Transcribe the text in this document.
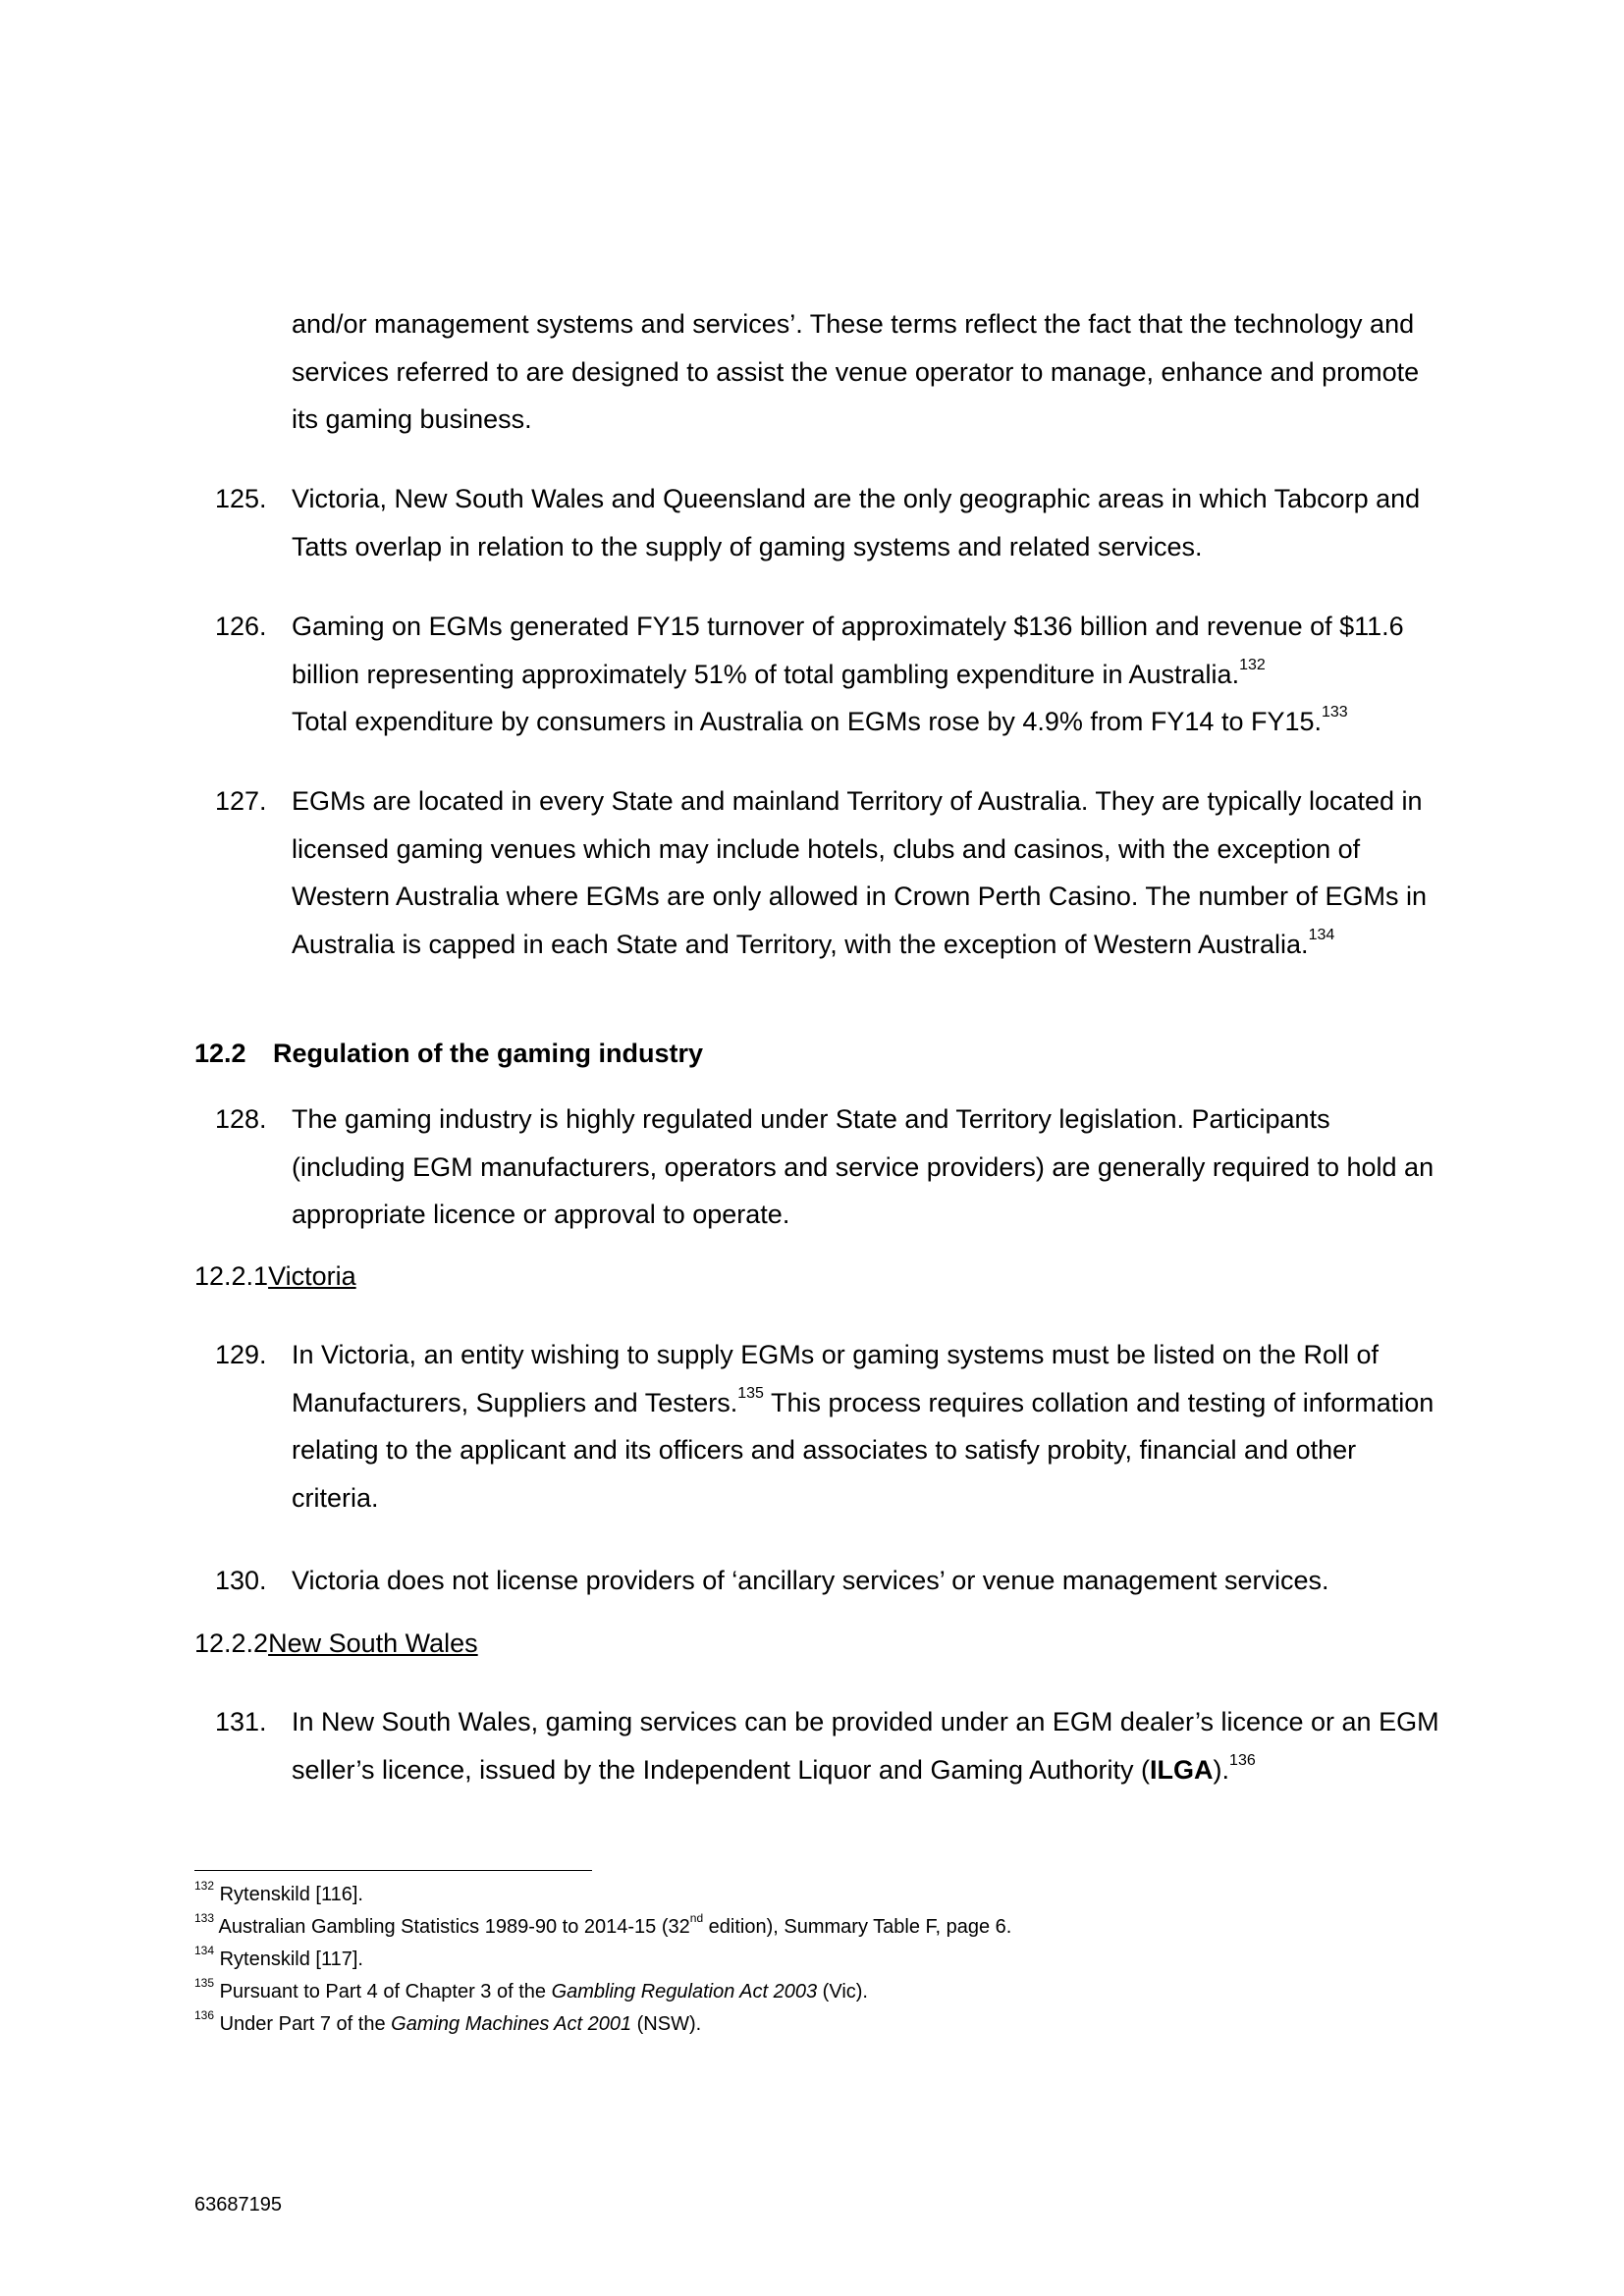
and/or management systems and services’. These terms reflect the fact that the technology and services referred to are designed to assist the venue operator to manage, enhance and promote its gaming business.
125. Victoria, New South Wales and Queensland are the only geographic areas in which Tabcorp and Tatts overlap in relation to the supply of gaming systems and related services.
126. Gaming on EGMs generated FY15 turnover of approximately $136 billion and revenue of $11.6 billion representing approximately 51% of total gambling expenditure in Australia.$^{132}$
Total expenditure by consumers in Australia on EGMs rose by 4.9% from FY14 to FY15.$^{133}$
127. EGMs are located in every State and mainland Territory of Australia. They are typically located in licensed gaming venues which may include hotels, clubs and casinos, with the exception of Western Australia where EGMs are only allowed in Crown Perth Casino. The number of EGMs in Australia is capped in each State and Territory, with the exception of Western Australia.$^{134}$
12.2 Regulation of the gaming industry
128. The gaming industry is highly regulated under State and Territory legislation. Participants (including EGM manufacturers, operators and service providers) are generally required to hold an appropriate licence or approval to operate.
12.2.1Victoria
129. In Victoria, an entity wishing to supply EGMs or gaming systems must be listed on the Roll of Manufacturers, Suppliers and Testers.$^{135}$ This process requires collation and testing of information relating to the applicant and its officers and associates to satisfy probity, financial and other criteria.
130. Victoria does not license providers of ‘ancillary services’ or venue management services.
12.2.2New South Wales
131. In New South Wales, gaming services can be provided under an EGM dealer’s licence or an EGM seller’s licence, issued by the Independent Liquor and Gaming Authority (ILGA).$^{136}$
$^{132}$ Rytenskild [116].
$^{133}$ Australian Gambling Statistics 1989-90 to 2014-15 (32nd edition), Summary Table F, page 6.
$^{134}$ Rytenskild [117].
$^{135}$ Pursuant to Part 4 of Chapter 3 of the Gambling Regulation Act 2003 (Vic).
$^{136}$ Under Part 7 of the Gaming Machines Act 2001 (NSW).
63687195
